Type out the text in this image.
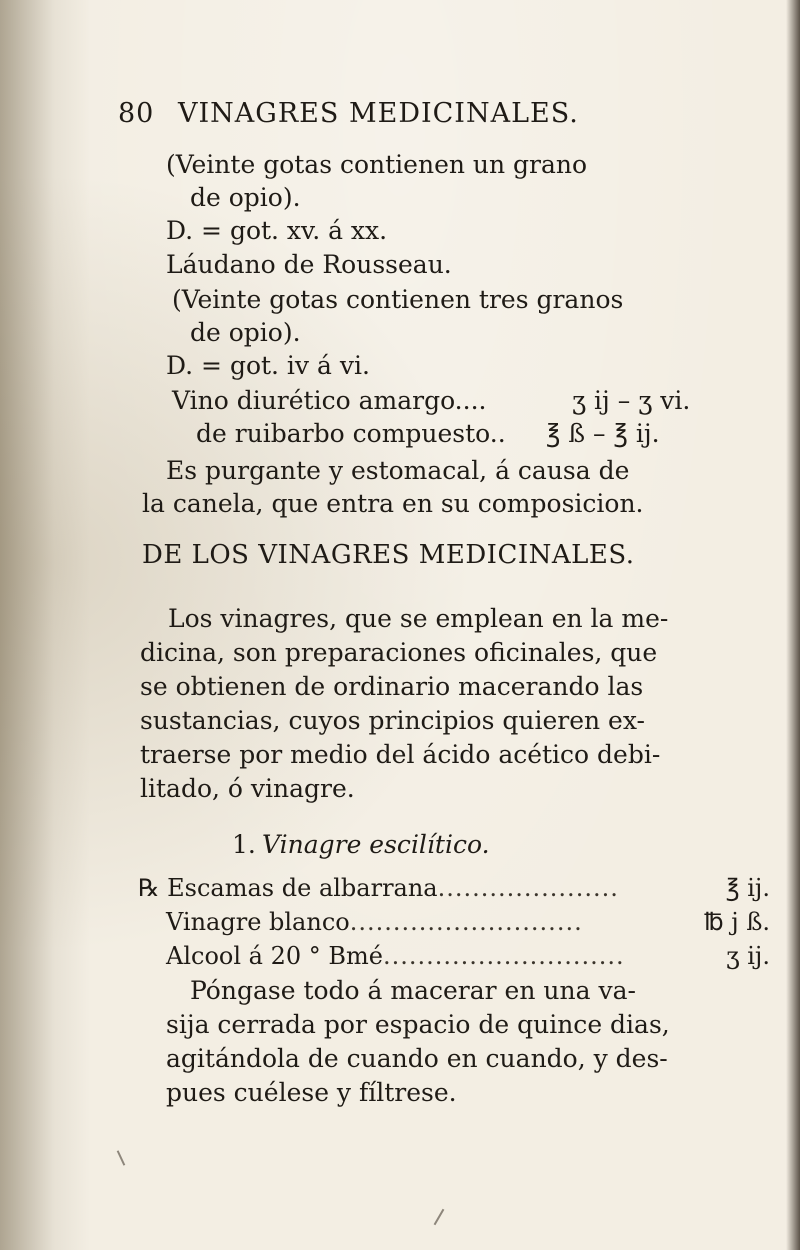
80 VINAGRES MEDICINALES.
(Veinte gotas contienen un grano
de opio).
D. = got. xv. á xx.
Láudano de Rousseau.
(Veinte gotas contienen tres granos
de opio).
D. = got. iv á vi.
Vino diurético amargo....	ʒ ij – ʒ vi.
de ruibarbo compuesto.. ℥ ß – ℥ ij.
Es purgante y estomacal, á causa de
la canela, que entra en su composicion.
DE LOS VINAGRES MEDICINALES.
Los vinagres, que se emplean en la me-
dicina, son preparaciones oficinales, que
se obtienen de ordinario macerando las
sustancias, cuyos principios quieren ex-
traerse por medio del ácido acético debi-
litado, ó vinagre.
1. Vinagre escilítico.
℞ Escamas de albarrana.....................	℥ ij.
Vinagre blanco...........................	℔ j ß.
Alcool á 20 ° Bmé............................	ʒ ij.
Póngase todo á macerar en una va-
sija cerrada por espacio de quince dias,
agitándola de cuando en cuando, y des-
pues cuélese y fíltrese.
